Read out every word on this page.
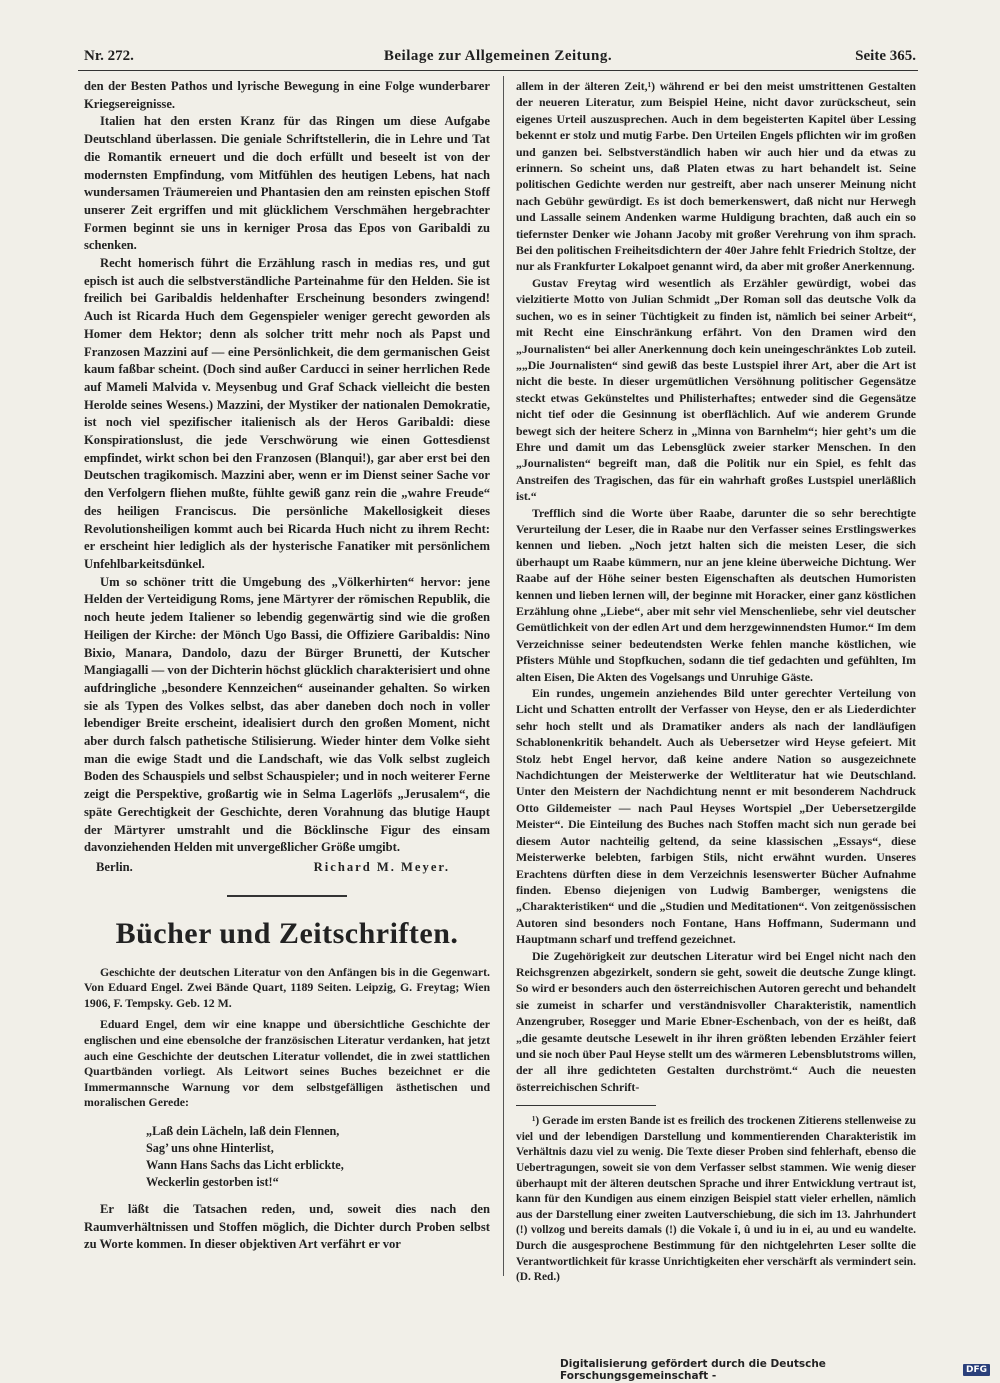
Nr. 272.	Beilage zur Allgemeinen Zeitung.	Seite 365.

den der Besten Pathos und lyrische Bewegung in eine Folge wunderbarer Kriegsereignisse.

Italien hat den ersten Kranz für das Ringen um diese Aufgabe Deutschland überlassen. Die geniale Schriftstellerin, die in Lehre und Tat die Romantik erneuert und die doch erfüllt und beseelt ist von der modernsten Empfindung, vom Mitfühlen des heutigen Lebens, hat nach wundersamen Träumereien und Phantasien den am reinsten epischen Stoff unserer Zeit ergriffen und mit glücklichem Verschmähen hergebrachter Formen beginnt sie uns in kerniger Prosa das Epos von Garibaldi zu schenken.

Recht homerisch führt die Erzählung rasch in medias res, und gut episch ist auch die selbstverständliche Parteinahme für den Helden. Sie ist freilich bei Garibaldis heldenhafter Erscheinung besonders zwingend! Auch ist Ricarda Huch dem Gegenspieler weniger gerecht geworden als Homer dem Hektor; denn als solcher tritt mehr noch als Papst und Franzosen Mazzini auf — eine Persönlichkeit, die dem germanischen Geist kaum faßbar scheint. (Doch sind außer Carducci in seiner herrlichen Rede auf Mameli Malvida v. Meysenbug und Graf Schack vielleicht die besten Herolde seines Wesens.) Mazzini, der Mystiker der nationalen Demokratie, ist noch viel spezifischer italienisch als der Heros Garibaldi: diese Konspirationslust, die jede Verschwörung wie einen Gottesdienst empfindet, wirkt schon bei den Franzosen (Blanqui!), gar aber erst bei den Deutschen tragikomisch. Mazzini aber, wenn er im Dienst seiner Sache vor den Verfolgern fliehen mußte, fühlte gewiß ganz rein die „wahre Freude“ des heiligen Franciscus. Die persönliche Makellosigkeit dieses Revolutionsheiligen kommt auch bei Ricarda Huch nicht zu ihrem Recht: er erscheint hier lediglich als der hysterische Fanatiker mit persönlichem Unfehlbarkeitsdünkel.

Um so schöner tritt die Umgebung des „Völkerhirten“ hervor: jene Helden der Verteidigung Roms, jene Märtyrer der römischen Republik, die noch heute jedem Italiener so lebendig gegenwärtig sind wie die großen Heiligen der Kirche: der Mönch Ugo Bassi, die Offiziere Garibaldis: Nino Bixio, Manara, Dandolo, dazu der Bürger Brunetti, der Kutscher Mangiagalli — von der Dichterin höchst glücklich charakterisiert und ohne aufdringliche „besondere Kennzeichen“ auseinander gehalten. So wirken sie als Typen des Volkes selbst, das aber daneben doch noch in voller lebendiger Breite erscheint, idealisiert durch den großen Moment, nicht aber durch falsch pathetische Stilisierung. Wieder hinter dem Volke sieht man die ewige Stadt und die Landschaft, wie das Volk selbst zugleich Boden des Schauspiels und selbst Schauspieler; und in noch weiterer Ferne zeigt die Perspektive, großartig wie in Selma Lagerlöfs „Jerusalem“, die späte Gerechtigkeit der Geschichte, deren Vorahnung das blutige Haupt der Märtyrer umstrahlt und die Böcklinsche Figur des einsam davonziehenden Helden mit unvergeßlicher Größe umgibt.

Berlin.	Richard M. Meyer.
Bücher und Zeitschriften.

Geschichte der deutschen Literatur von den Anfängen bis in die Gegenwart. Von Eduard Engel. Zwei Bände Quart, 1189 Seiten. Leipzig, G. Freytag; Wien 1906, F. Tempsky. Geb. 12 M.

Eduard Engel, dem wir eine knappe und übersichtliche Geschichte der englischen und eine ebensolche der französischen Literatur verdanken, hat jetzt auch eine Geschichte der deutschen Literatur vollendet, die in zwei stattlichen Quartbänden vorliegt. Als Leitwort seines Buches bezeichnet er die Immermannsche Warnung vor dem selbstgefälligen ästhetischen und moralischen Gerede:

„Laß dein Lächeln, laß dein Flennen,
Sag’ uns ohne Hinterlist,
Wann Hans Sachs das Licht erblickte,
Weckerlin gestorben ist!“

Er läßt die Tatsachen reden, und, soweit dies nach den Raumverhältnissen und Stoffen möglich, die Dichter durch Proben selbst zu Worte kommen. In dieser objektiven Art verfährt er vor

allem in der älteren Zeit,¹) während er bei den meist umstrittenen Gestalten der neueren Literatur, zum Beispiel Heine, nicht davor zurückscheut, sein eigenes Urteil auszusprechen. Auch in dem begeisterten Kapitel über Lessing bekennt er stolz und mutig Farbe. Den Urteilen Engels pflichten wir im großen und ganzen bei. Selbstverständlich haben wir auch hier und da etwas zu erinnern. So scheint uns, daß Platen etwas zu hart behandelt ist. Seine politischen Gedichte werden nur gestreift, aber nach unserer Meinung nicht nach Gebühr gewürdigt. Es ist doch bemerkenswert, daß nicht nur Herwegh und Lassalle seinem Andenken warme Huldigung brachten, daß auch ein so tiefernster Denker wie Johann Jacoby mit großer Verehrung von ihm sprach. Bei den politischen Freiheitsdichtern der 40er Jahre fehlt Friedrich Stoltze, der nur als Frankfurter Lokalpoet genannt wird, da aber mit großer Anerkennung.

Gustav Freytag wird wesentlich als Erzähler gewürdigt, wobei das vielzitierte Motto von Julian Schmidt „Der Roman soll das deutsche Volk da suchen, wo es in seiner Tüchtigkeit zu finden ist, nämlich bei seiner Arbeit“, mit Recht eine Einschränkung erfährt. Von den Dramen wird den „Journalisten“ bei aller Anerkennung doch kein uneingeschränktes Lob zuteil. „„Die Journalisten“ sind gewiß das beste Lustspiel ihrer Art, aber die Art ist nicht die beste. In dieser urgemütlichen Versöhnung politischer Gegensätze steckt etwas Gekünsteltes und Philisterhaftes; entweder sind die Gegensätze nicht tief oder die Gesinnung ist oberflächlich. Auf wie anderem Grunde bewegt sich der heitere Scherz in „Minna von Barnhelm“; hier geht’s um die Ehre und damit um das Lebensglück zweier starker Menschen. In den „Journalisten“ begreift man, daß die Politik nur ein Spiel, es fehlt das Anstreifen des Tragischen, das für ein wahrhaft großes Lustspiel unerläßlich ist.“

Trefflich sind die Worte über Raabe, darunter die so sehr berechtigte Verurteilung der Leser, die in Raabe nur den Verfasser seines Erstlingswerkes kennen und lieben. „Noch jetzt halten sich die meisten Leser, die sich überhaupt um Raabe kümmern, nur an jene kleine überweiche Dichtung. Wer Raabe auf der Höhe seiner besten Eigenschaften als deutschen Humoristen kennen und lieben lernen will, der beginne mit Horacker, einer ganz köstlichen Erzählung ohne „Liebe“, aber mit sehr viel Menschenliebe, sehr viel deutscher Gemütlichkeit von der edlen Art und dem herzgewinnendsten Humor.“ Im dem Verzeichnisse seiner bedeutendsten Werke fehlen manche köstlichen, wie Pfisters Mühle und Stopfkuchen, sodann die tief gedachten und gefühlten, Im alten Eisen, Die Akten des Vogelsangs und Unruhige Gäste.

Ein rundes, ungemein anziehendes Bild unter gerechter Verteilung von Licht und Schatten entrollt der Verfasser von Heyse, den er als Liederdichter sehr hoch stellt und als Dramatiker anders als nach der landläufigen Schablonenkritik behandelt. Auch als Uebersetzer wird Heyse gefeiert. Mit Stolz hebt Engel hervor, daß keine andere Nation so ausgezeichnete Nachdichtungen der Meisterwerke der Weltliteratur hat wie Deutschland. Unter den Meistern der Nachdichtung nennt er mit besonderem Nachdruck Otto Gildemeister — nach Paul Heyses Wortspiel „Der Uebersetzergilde Meister“. Die Einteilung des Buches nach Stoffen macht sich nun gerade bei diesem Autor nachteilig geltend, da seine klassischen „Essays“, diese Meisterwerke belebten, farbigen Stils, nicht erwähnt wurden. Unseres Erachtens dürften diese in dem Verzeichnis lesenswerter Bücher Aufnahme finden. Ebenso diejenigen von Ludwig Bamberger, wenigstens die „Charakteristiken“ und die „Studien und Meditationen“. Von zeitgenössischen Autoren sind besonders noch Fontane, Hans Hoffmann, Sudermann und Hauptmann scharf und treffend gezeichnet.

Die Zugehörigkeit zur deutschen Literatur wird bei Engel nicht nach den Reichsgrenzen abgezirkelt, sondern sie geht, soweit die deutsche Zunge klingt. So wird er besonders auch den österreichischen Autoren gerecht und behandelt sie zumeist in scharfer und verständnisvoller Charakteristik, namentlich Anzengruber, Rosegger und Marie Ebner-Eschenbach, von der es heißt, daß „die gesamte deutsche Lesewelt in ihr ihren größten lebenden Erzähler feiert und sie noch über Paul Heyse stellt um des wärmeren Lebensblutstroms willen, der all ihre gedichteten Gestalten durchströmt.“ Auch die neuesten österreichischen Schrift-

¹) Gerade im ersten Bande ist es freilich des trockenen Zitierens stellenweise zu viel und der lebendigen Darstellung und kommentierenden Charakteristik im Verhältnis dazu viel zu wenig. Die Texte dieser Proben sind fehlerhaft, ebenso die Uebertragungen, soweit sie von dem Verfasser selbst stammen. Wie wenig dieser überhaupt mit der älteren deutschen Sprache und ihrer Entwicklung vertraut ist, kann für den Kundigen aus einem einzigen Beispiel statt vieler erhellen, nämlich aus der Darstellung einer zweiten Lautverschiebung, die sich im 13. Jahrhundert (!) vollzog und bereits damals (!) die Vokale î, û und iu in ei, au und eu wandelte. Durch die ausgesprochene Bestimmung für den nichtgelehrten Leser sollte die Verantwortlichkeit für krasse Unrichtigkeiten eher verschärft als vermindert sein. (D. Red.)

Digitalisierung gefördert durch die Deutsche Forschungsgemeinschaft -	DFG
